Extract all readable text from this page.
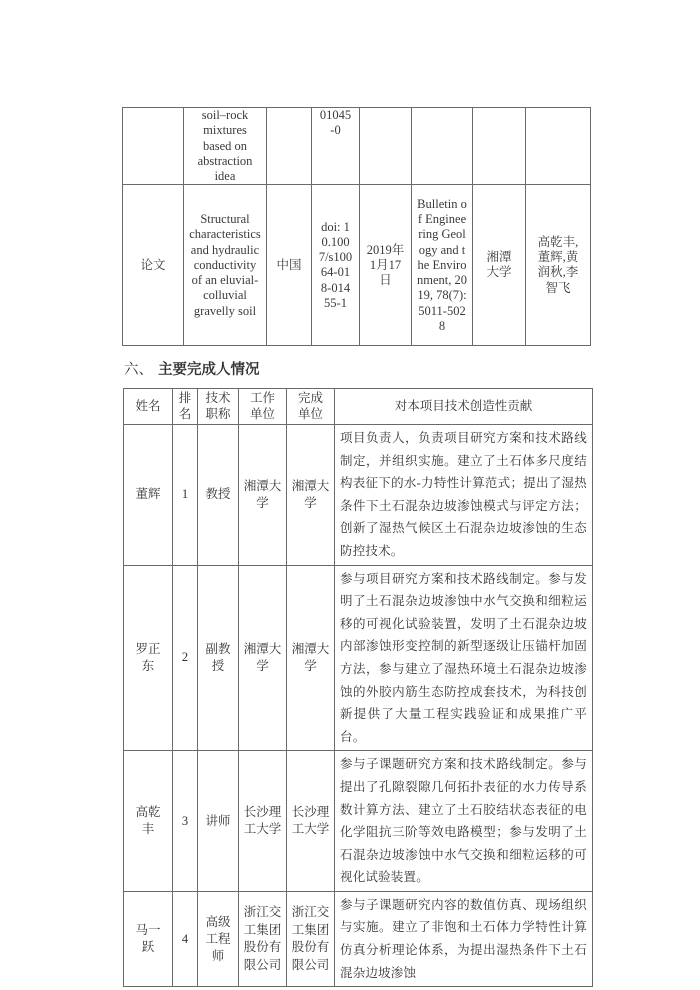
	soil–rock mixtures based on abstraction idea		01045-0				
论文	Structural characteristics and hydraulic conductivity of an eluvial-colluvial gravelly soil	中国	doi: 10.1007/s10064-018-01455-1	2019年1月17日	Bulletin of Engineering Geology and the Environment, 2019, 78(7): 5011-5028	湘潭大学	高乾丰,董辉,黄润秋,李智飞
六、 主要完成人情况
姓名	排名	技术职称	工作单位	完成单位	对本项目技术创造性贡献
董辉	1	教授	湘潭大学	湘潭大学	项目负责人，负责项目研究方案和技术路线制定，并组织实施。建立了土石体多尺度结构表征下的水-力特性计算范式；提出了湿热条件下土石混杂边坡渗蚀模式与评定方法；创新了湿热气候区土石混杂边坡渗蚀的生态防控技术。
罗正东	2	副教授	湘潭大学	湘潭大学	参与项目研究方案和技术路线制定。参与发明了土石混杂边坡渗蚀中水气交换和细粒运移的可视化试验装置，发明了土石混杂边坡内部渗蚀形变控制的新型逐级让压锚杆加固方法，参与建立了湿热环境土石混杂边坡渗蚀的外胶内筋生态防控成套技术，为科技创新提供了大量工程实践验证和成果推广平台。
高乾丰	3	讲师	长沙理工大学	长沙理工大学	参与子课题研究方案和技术路线制定。参与提出了孔隙裂隙几何拓扑表征的水力传导系数计算方法、建立了土石胶结状态表征的电化学阻抗三阶等效电路模型；参与发明了土石混杂边坡渗蚀中水气交换和细粒运移的可视化试验装置。
马一跃	4	高级工程师	浙江交工集团股份有限公司	浙江交工集团股份有限公司	参与子课题研究内容的数值仿真、现场组织与实施。建立了非饱和土石体力学特性计算仿真分析理论体系，为提出湿热条件下土石混杂边坡渗蚀
